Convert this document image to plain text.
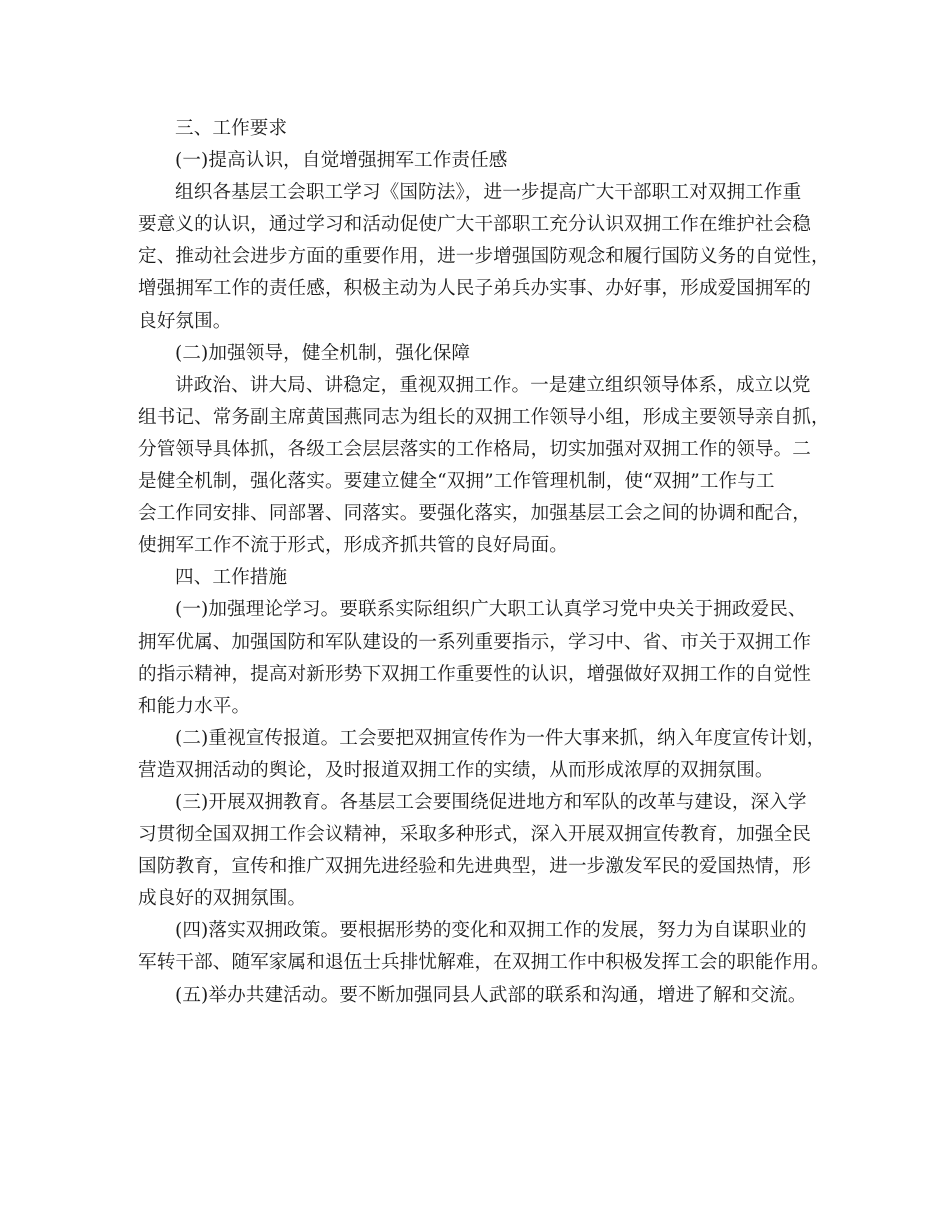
三、工作要求
(一)提高认识，自觉增强拥军工作责任感
组织各基层工会职工学习《国防法》，进一步提高广大干部职工对双拥工作重
要意义的认识，通过学习和活动促使广大干部职工充分认识双拥工作在维护社会稳
定、推动社会进步方面的重要作用，进一步增强国防观念和履行国防义务的自觉性，
增强拥军工作的责任感，积极主动为人民子弟兵办实事、办好事，形成爱国拥军的
良好氛围。
(二)加强领导，健全机制，强化保障
讲政治、讲大局、讲稳定，重视双拥工作。一是建立组织领导体系，成立以党
组书记、常务副主席黄国燕同志为组长的双拥工作领导小组，形成主要领导亲自抓，
分管领导具体抓，各级工会层层落实的工作格局，切实加强对双拥工作的领导。二
是健全机制，强化落实。要建立健全“双拥”工作管理机制，使“双拥”工作与工
会工作同安排、同部署、同落实。要强化落实，加强基层工会之间的协调和配合，
使拥军工作不流于形式，形成齐抓共管的良好局面。
四、工作措施
(一)加强理论学习。要联系实际组织广大职工认真学习党中央关于拥政爱民、
拥军优属、加强国防和军队建设的一系列重要指示，学习中、省、市关于双拥工作
的指示精神，提高对新形势下双拥工作重要性的认识，增强做好双拥工作的自觉性
和能力水平。
(二)重视宣传报道。工会要把双拥宣传作为一件大事来抓，纳入年度宣传计划，
营造双拥活动的舆论，及时报道双拥工作的实绩，从而形成浓厚的双拥氛围。
(三)开展双拥教育。各基层工会要围绕促进地方和军队的改革与建设，深入学
习贯彻全国双拥工作会议精神，采取多种形式，深入开展双拥宣传教育，加强全民
国防教育，宣传和推广双拥先进经验和先进典型，进一步激发军民的爱国热情，形
成良好的双拥氛围。
(四)落实双拥政策。要根据形势的变化和双拥工作的发展，努力为自谋职业的
军转干部、随军家属和退伍士兵排忧解难，在双拥工作中积极发挥工会的职能作用。
(五)举办共建活动。要不断加强同县人武部的联系和沟通，增进了解和交流。
